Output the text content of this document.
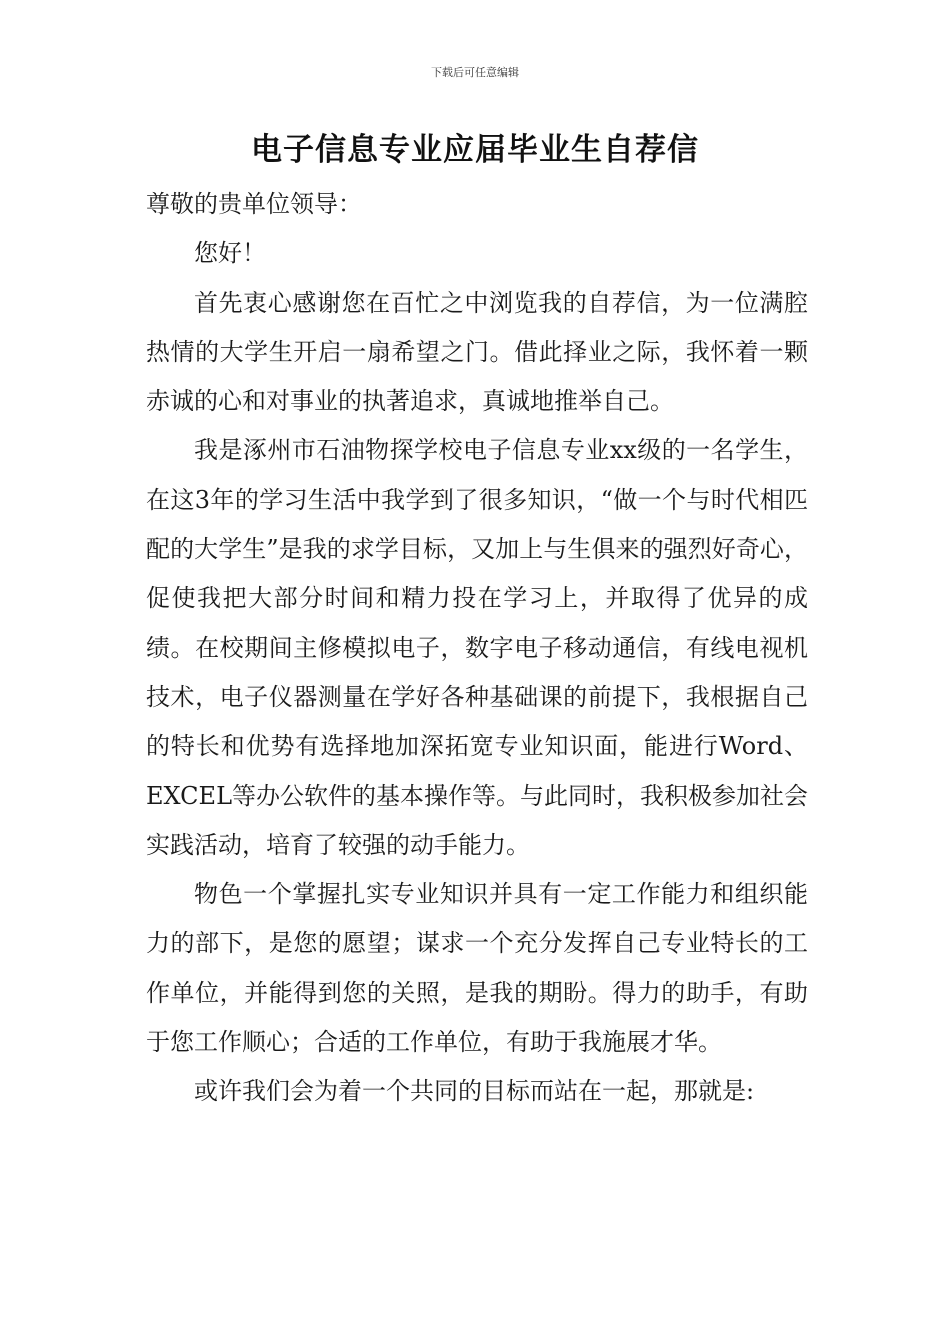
下载后可任意编辑
电子信息专业应届毕业生自荐信

尊敬的贵单位领导：

您好！

首先衷心感谢您在百忙之中浏览我的自荐信，为一位满腔热情的大学生开启一扇希望之门。借此择业之际，我怀着一颗赤诚的心和对事业的执著追求，真诚地推举自己。

我是涿州市石油物探学校电子信息专业xx级的一名学生，在这3年的学习生活中我学到了很多知识，“做一个与时代相匹配的大学生”是我的求学目标，又加上与生俱来的强烈好奇心，促使我把大部分时间和精力投在学习上，并取得了优异的成绩。在校期间主修模拟电子，数字电子移动通信，有线电视机技术，电子仪器测量在学好各种基础课的前提下，我根据自己的特长和优势有选择地加深拓宽专业知识面，能进行Word、EXCEL等办公软件的基本操作等。与此同时，我积极参加社会实践活动，培育了较强的动手能力。

物色一个掌握扎实专业知识并具有一定工作能力和组织能力的部下，是您的愿望；谋求一个充分发挥自己专业特长的工作单位，并能得到您的关照，是我的期盼。得力的助手，有助于您工作顺心；合适的工作单位，有助于我施展才华。

或许我们会为着一个共同的目标而站在一起，那就是:
